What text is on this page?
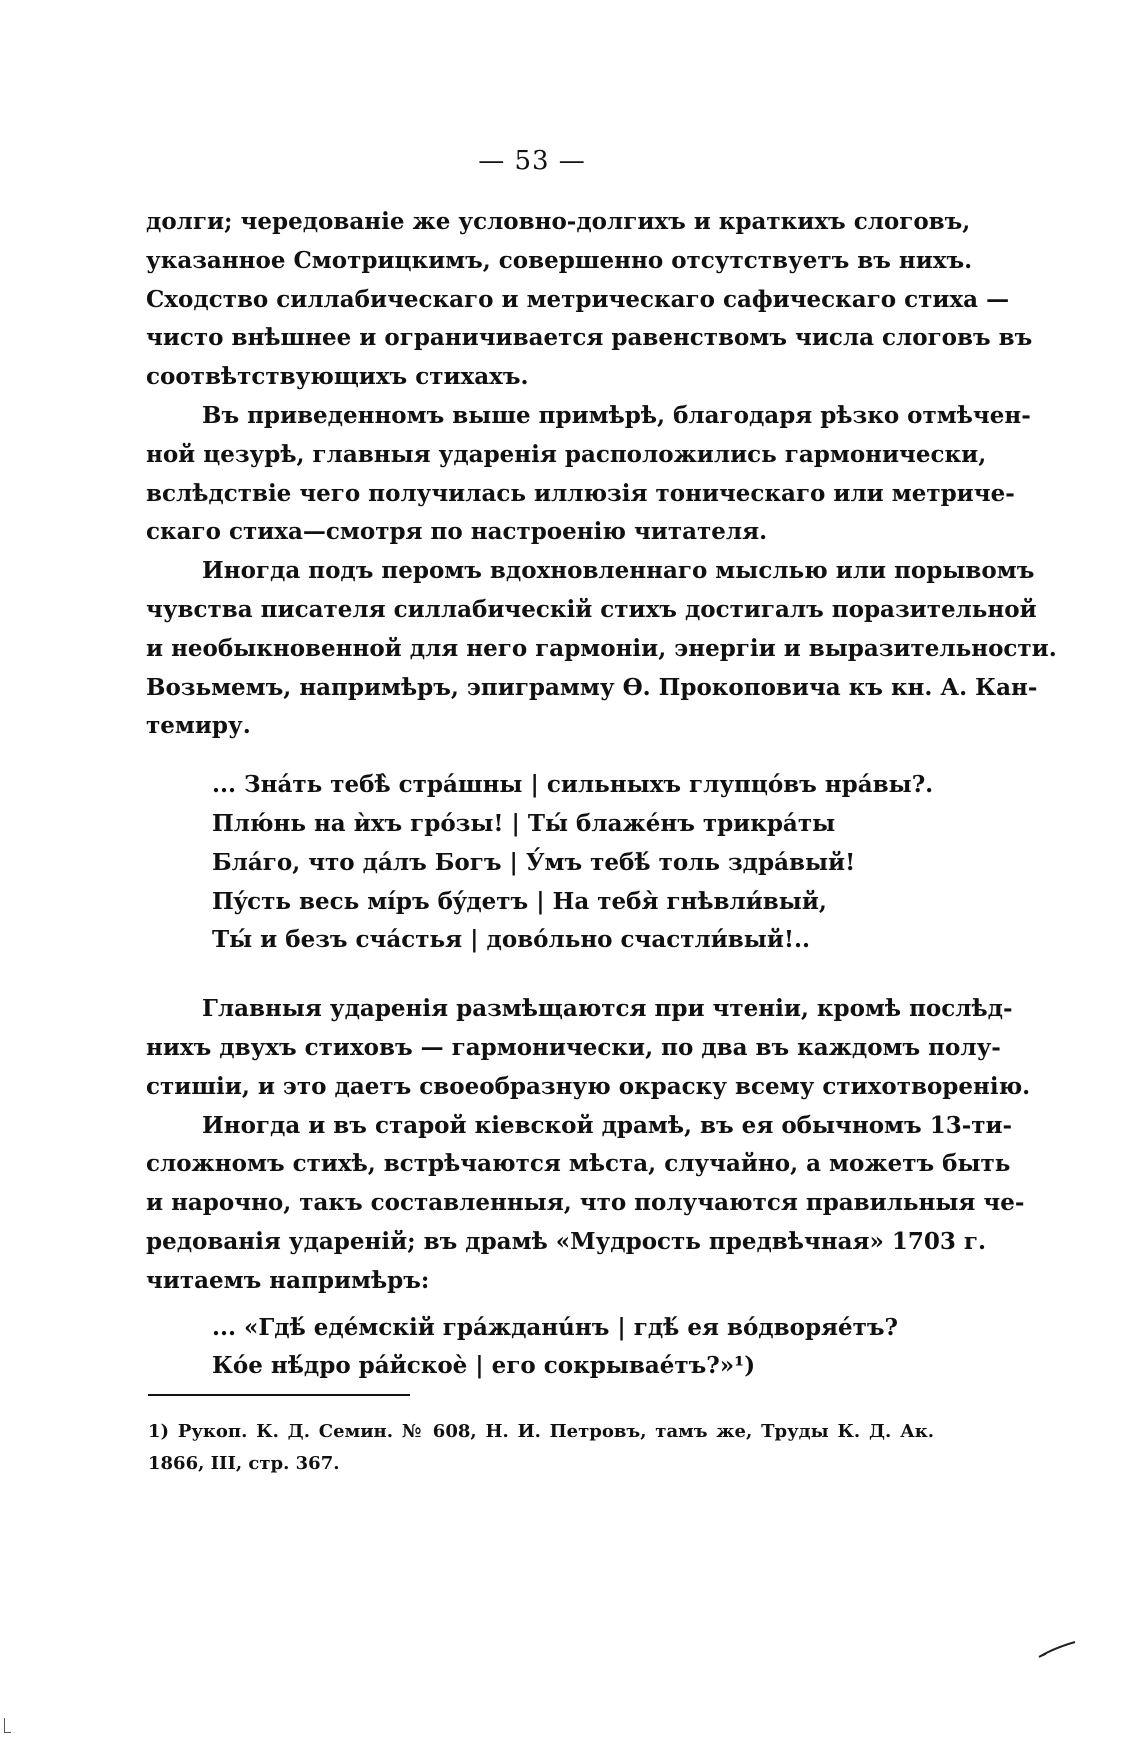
— 53 —

долги; чередованіе же условно-долгихъ и краткихъ слоговъ,
указанное Смотрицкимъ, совершенно отсутствуетъ въ нихъ.
Сходство силлабическаго и метрическаго сафическаго стиха —
чисто внѣшнее и ограничивается равенствомъ числа слоговъ въ
соотвѣтствующихъ стихахъ.

Въ приведенномъ выше примѣрѣ, благодаря рѣзко отмѣчен-
ной цезурѣ, главныя ударенія расположились гармонически,
вслѣдствіе чего получилась иллюзія тоническаго или метриче-
скаго стиха—смотря по настроенію читателя.

Иногда подъ перомъ вдохновленнаго мыслью или порывомъ
чувства писателя силлабическій стихъ достигалъ поразительной
и необыкновенной для него гармоніи, энергіи и выразительности.
Возьмемъ, напримѣръ, эпиграмму Ѳ. Прокоповича къ кн. А. Кан-
темиру.

... Знáть тебѣ̀ стрáшны | сильныхъ глупцóвъ нрáвы?.
Плю́нь на ѝхъ грóзы! | Ты́ блажéнъ трикрáты
Блáго, что дáлъ Богъ | У́мъ тебѣ́ толь здрáвый!
Пýсть весь мíръ бýдетъ | На тебя̀ гнѣвли́вый,
Ты́ и безъ счáстья | довóльно счастли́вый!..

Главныя ударенія размѣщаются при чтеніи, кромѣ послѣд-
нихъ двухъ стиховъ — гармонически, по два въ каждомъ полу-
стишіи, и это даетъ своеобразную окраску всему стихотворенію.

Иногда и въ старой кіевской драмѣ, въ ея обычномъ 13-ти-
сложномъ стихѣ, встрѣчаются мѣста, случайно, а можетъ быть
и нарочно, такъ составленныя, что получаются правильныя че-
редованія удареній; въ драмѣ «Мудрость предвѣчная» 1703 г.
читаемъ напримѣръ:

... «Гдѣ́ едéмскій грáжданúнъ | гдѣ́ ея вóдворяéтъ?
Кóе нѣ́дро рáйскоѐ | его сокрываéтъ?»¹)
1) Рукоп. К. Д. Семин. № 608, Н. И. Петровъ, тамъ же, Труды К. Д. Ак.
1866, III, стр. 367.
